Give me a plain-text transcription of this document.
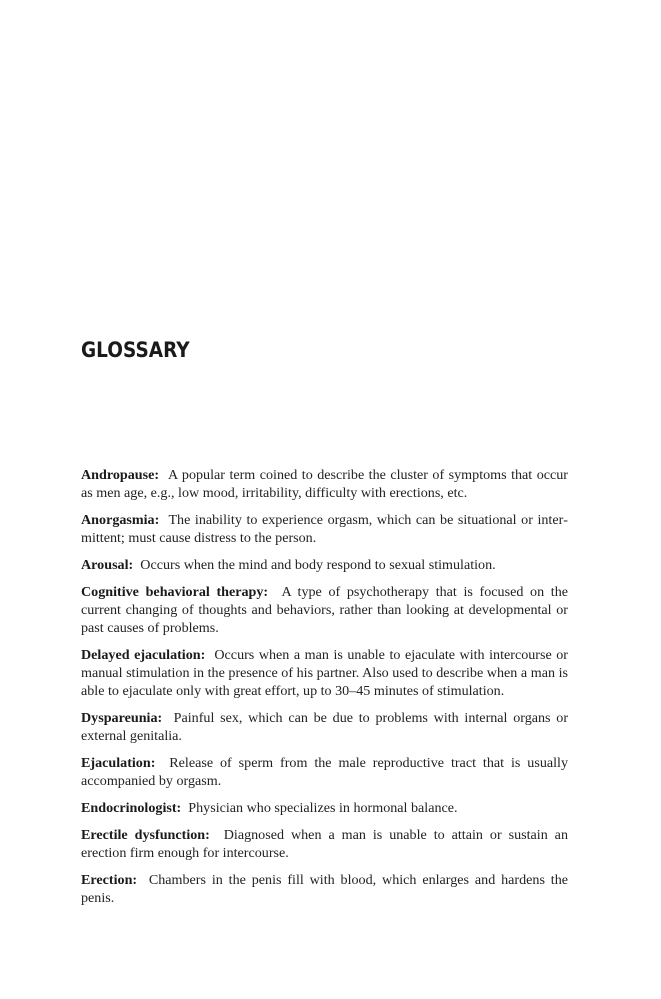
GLOSSARY

Andropause: A popular term coined to describe the cluster of symptoms that occur as men age, e.g., low mood, irritability, difficulty with erections, etc.

Anorgasmia: The inability to experience orgasm, which can be situational or intermittent; must cause distress to the person.

Arousal: Occurs when the mind and body respond to sexual stimulation.

Cognitive behavioral therapy: A type of psychotherapy that is focused on the current changing of thoughts and behaviors, rather than looking at developmental or past causes of problems.

Delayed ejaculation: Occurs when a man is unable to ejaculate with intercourse or manual stimulation in the presence of his partner. Also used to describe when a man is able to ejaculate only with great effort, up to 30–45 minutes of stimulation.

Dyspareunia: Painful sex, which can be due to problems with internal organs or external genitalia.

Ejaculation: Release of sperm from the male reproductive tract that is usually accompanied by orgasm.

Endocrinologist: Physician who specializes in hormonal balance.

Erectile dysfunction: Diagnosed when a man is unable to attain or sustain an erection firm enough for intercourse.

Erection: Chambers in the penis fill with blood, which enlarges and hardens the penis.
